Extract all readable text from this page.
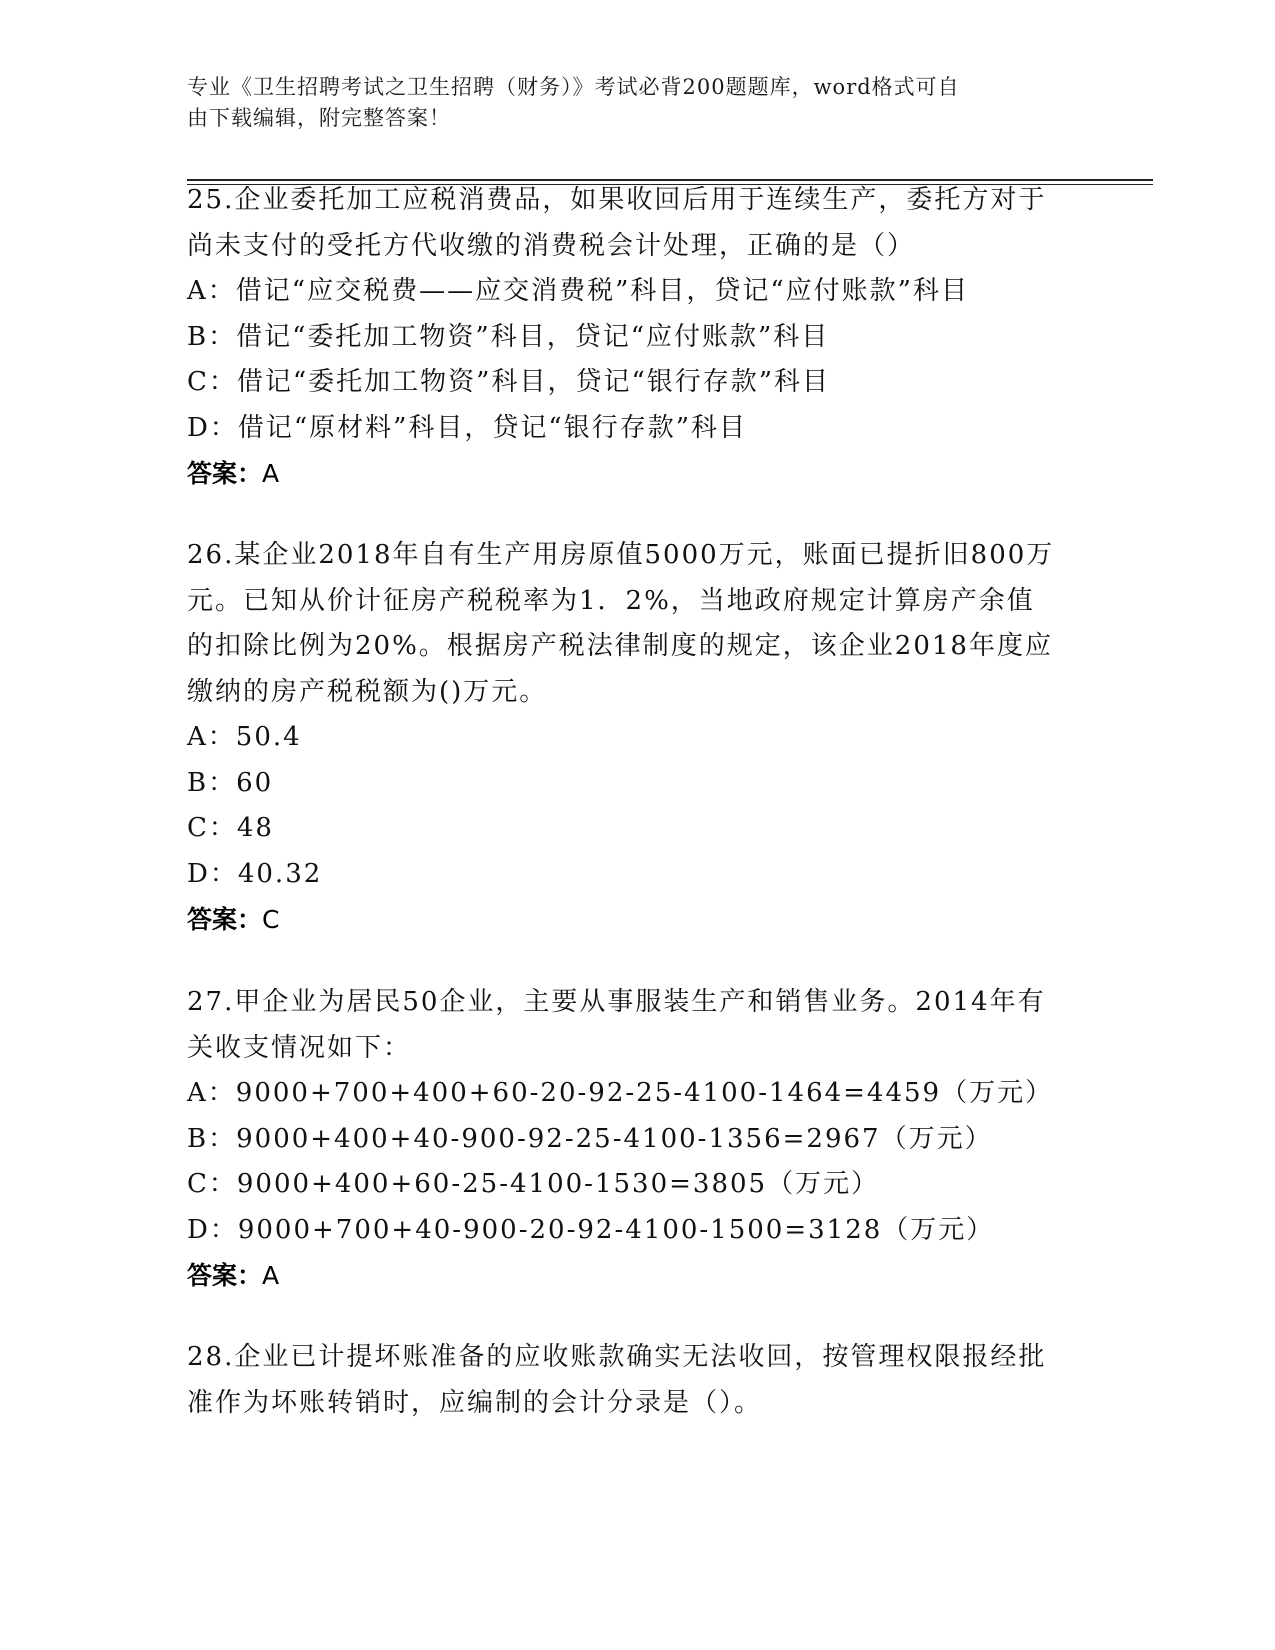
专业《卫生招聘考试之卫生招聘（财务）》考试必背200题题库，word格式可自
由下载编辑，附完整答案！
25.企业委托加工应税消费品，如果收回后用于连续生产，委托方对于
尚未支付的受托方代收缴的消费税会计处理，正确的是（）
A：借记“应交税费——应交消费税”科目，贷记“应付账款”科目
B：借记“委托加工物资”科目，贷记“应付账款”科目
C：借记“委托加工物资”科目，贷记“银行存款”科目
D：借记“原材料”科目，贷记“银行存款”科目
答案：A
26.某企业2018年自有生产用房原值5000万元，账面已提折旧800万
元。已知从价计征房产税税率为1．2%，当地政府规定计算房产余值
的扣除比例为20%。根据房产税法律制度的规定，该企业2018年度应
缴纳的房产税税额为()万元。
A：50.4
B：60
C：48
D：40.32
答案：C
27.甲企业为居民50企业，主要从事服装生产和销售业务。2014年有
关收支情况如下：
A：9000+700+400+60-20-92-25-4100-1464=4459（万元）
B：9000+400+40-900-92-25-4100-1356=2967（万元）
C：9000+400+60-25-4100-1530=3805（万元）
D：9000+700+40-900-20-92-4100-1500=3128（万元）
答案：A
28.企业已计提坏账准备的应收账款确实无法收回，按管理权限报经批
准作为坏账转销时，应编制的会计分录是（）。
